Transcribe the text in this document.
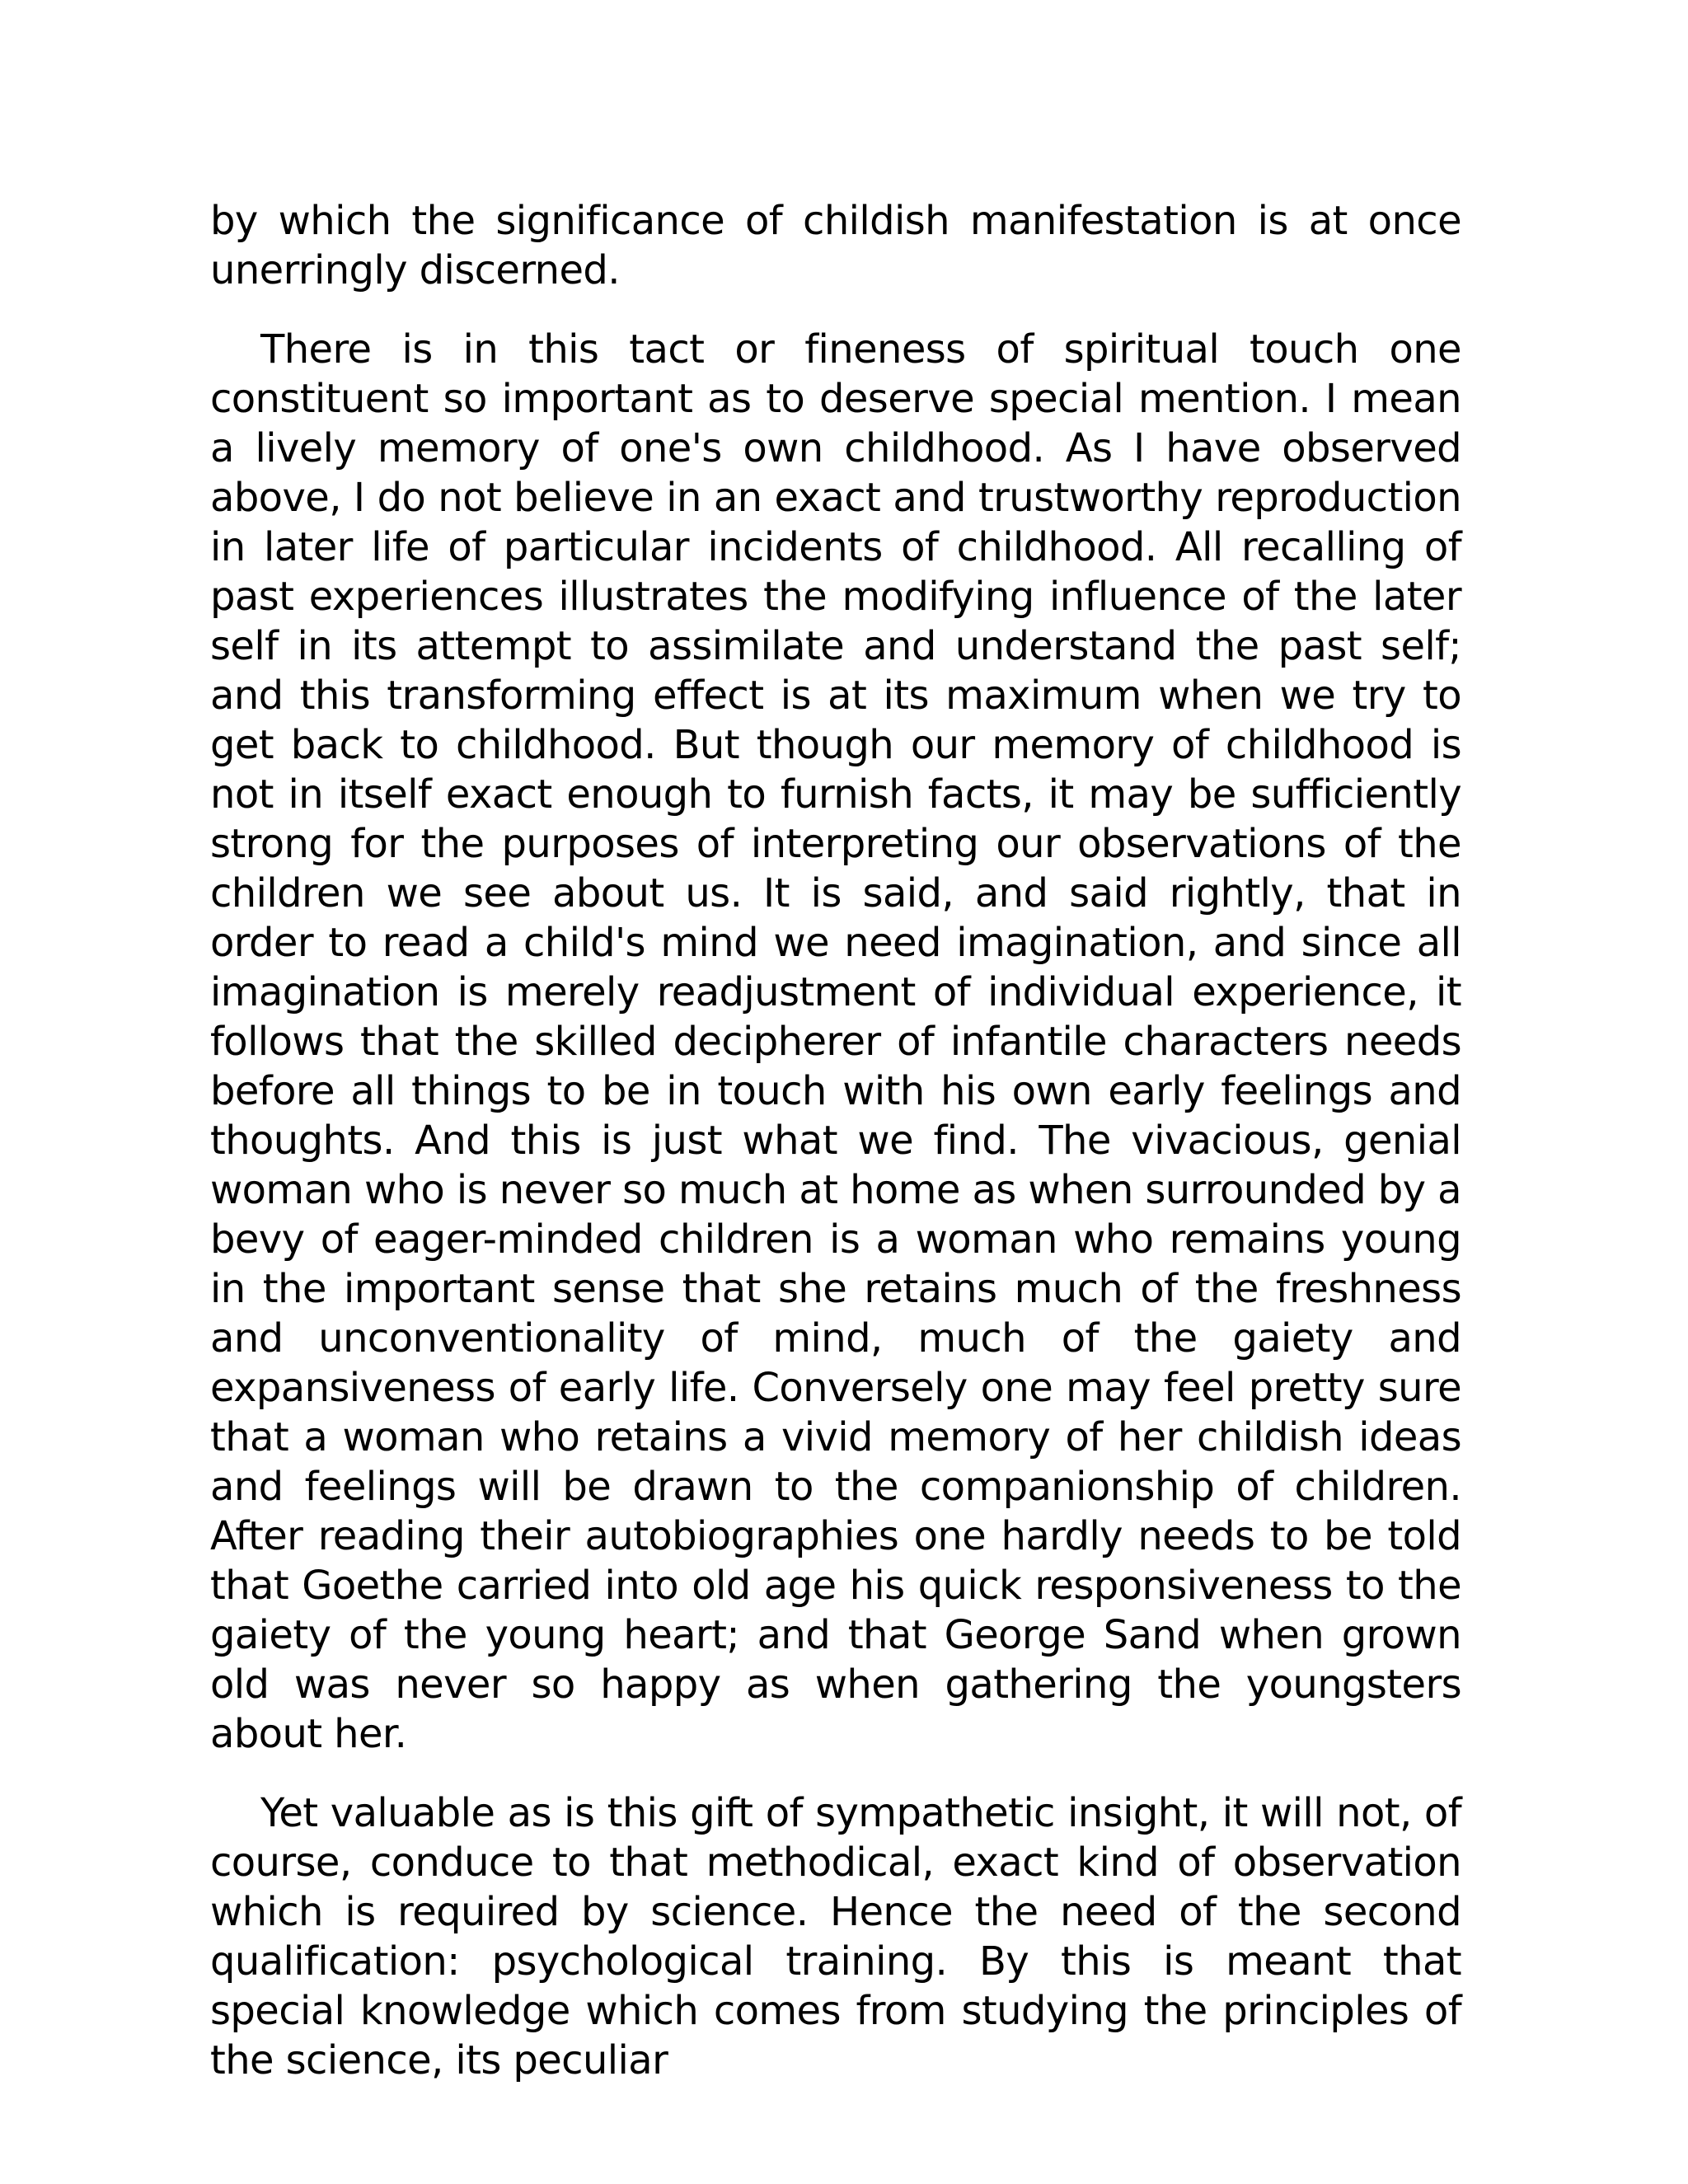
by which the significance of childish manifestation is at once unerringly discerned.

There is in this tact or fineness of spiritual touch one constituent so important as to deserve special mention. I mean a lively memory of one's own childhood. As I have observed above, I do not believe in an exact and trustworthy reproduction in later life of particular incidents of childhood. All recalling of past experiences illustrates the modifying influence of the later self in its attempt to assimilate and understand the past self; and this transforming effect is at its maximum when we try to get back to childhood. But though our memory of childhood is not in itself exact enough to furnish facts, it may be sufficiently strong for the purposes of interpreting our observations of the children we see about us. It is said, and said rightly, that in order to read a child's mind we need imagination, and since all imagination is merely readjustment of individual experience, it follows that the skilled decipherer of infantile characters needs before all things to be in touch with his own early feelings and thoughts. And this is just what we find. The vivacious, genial woman who is never so much at home as when surrounded by a bevy of eager-minded children is a woman who remains young in the important sense that she retains much of the freshness and unconventionality of mind, much of the gaiety and expansiveness of early life. Conversely one may feel pretty sure that a woman who retains a vivid memory of her childish ideas and feelings will be drawn to the companionship of children. After reading their autobiographies one hardly needs to be told that Goethe carried into old age his quick responsiveness to the gaiety of the young heart; and that George Sand when grown old was never so happy as when gathering the youngsters about her.

Yet valuable as is this gift of sympathetic insight, it will not, of course, conduce to that methodical, exact kind of observation which is required by science. Hence the need of the second qualification: psychological training. By this is meant that special knowledge which comes from studying the principles of the science, its peculiar
